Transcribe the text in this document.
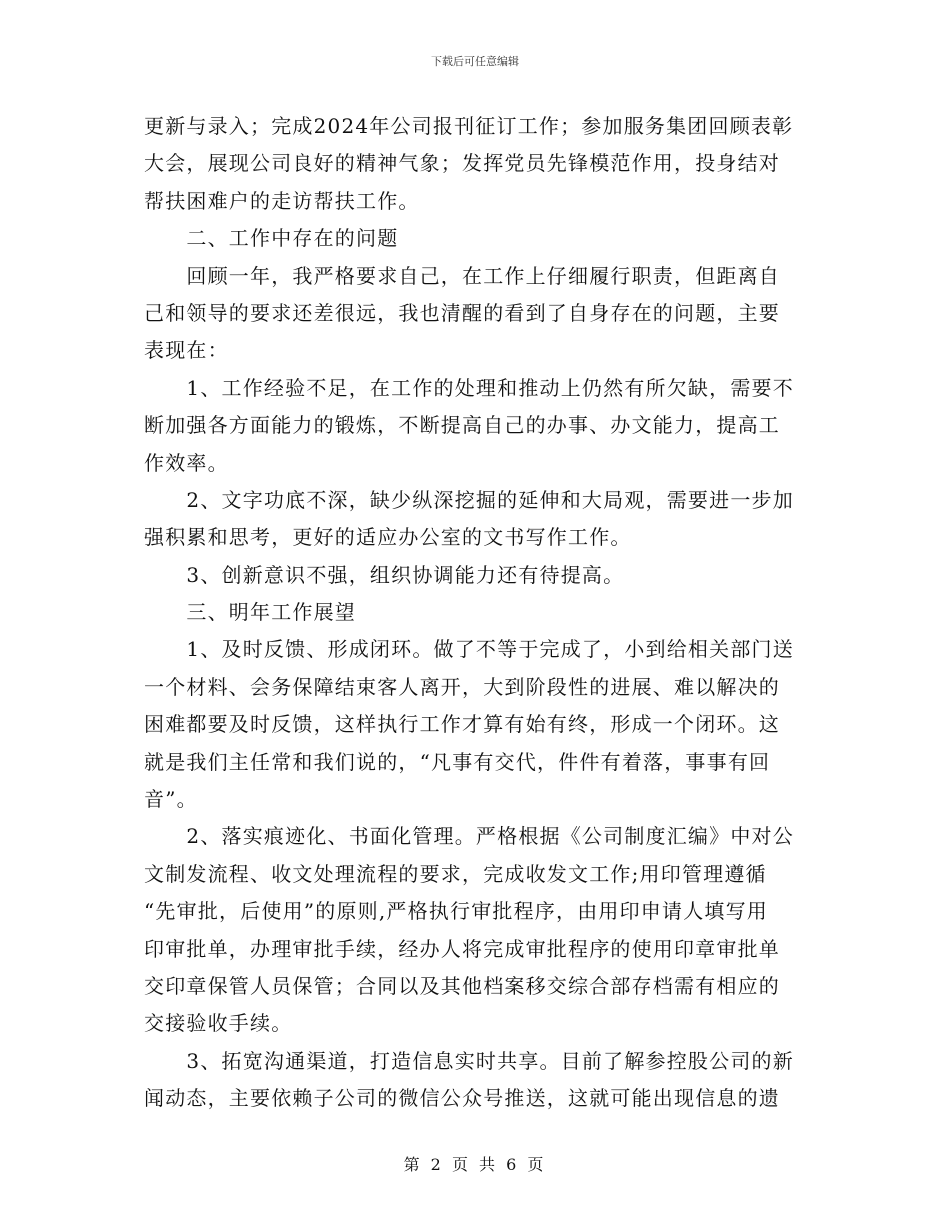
下载后可任意编辑
更新与录入；完成2024年公司报刊征订工作；参加服务集团回顾表彰
大会，展现公司良好的精神气象；发挥党员先锋模范作用，投身结对
帮扶困难户的走访帮扶工作。
　　二、工作中存在的问题
　　回顾一年，我严格要求自己，在工作上仔细履行职责，但距离自
己和领导的要求还差很远，我也清醒的看到了自身存在的问题，主要
表现在：
　　1、工作经验不足，在工作的处理和推动上仍然有所欠缺，需要不
断加强各方面能力的锻炼，不断提高自己的办事、办文能力，提高工
作效率。
　　2、文字功底不深，缺少纵深挖掘的延伸和大局观，需要进一步加
强积累和思考，更好的适应办公室的文书写作工作。
　　3、创新意识不强，组织协调能力还有待提高。
　　三、明年工作展望
　　1、及时反馈、形成闭环。做了不等于完成了，小到给相关部门送
一个材料、会务保障结束客人离开，大到阶段性的进展、难以解决的
困难都要及时反馈，这样执行工作才算有始有终，形成一个闭环。这
就是我们主任常和我们说的，“凡事有交代，件件有着落，事事有回
音”。
　　2、落实痕迹化、书面化管理。严格根据《公司制度汇编》中对公
文制发流程、收文处理流程的要求，完成收发文工作;用印管理遵循
“先审批，后使用”的原则,严格执行审批程序，由用印申请人填写用
印审批单，办理审批手续，经办人将完成审批程序的使用印章审批单
交印章保管人员保管；合同以及其他档案移交综合部存档需有相应的
交接验收手续。
　　3、拓宽沟通渠道，打造信息实时共享。目前了解参控股公司的新
闻动态，主要依赖子公司的微信公众号推送，这就可能出现信息的遗
第 2 页 共 6 页
